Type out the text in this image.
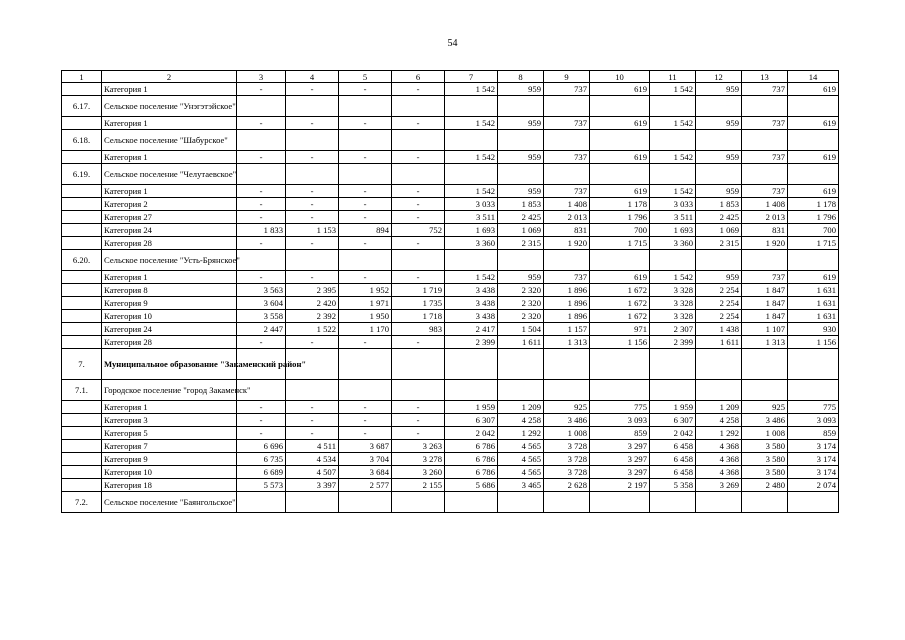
54
1	2	3	4	5	6	7	8	9	10	11	12	13	14
	Категория 1	-	-	-	-	1 542	959	737	619	1 542	959	737	619
6.17.	Сельское поселение "Унэгэтэйское"												
	Категория 1	-	-	-	-	1 542	959	737	619	1 542	959	737	619
6.18.	Сельское поселение "Шабурское"												
	Категория 1	-	-	-	-	1 542	959	737	619	1 542	959	737	619
6.19.	Сельское поселение "Челутаевское"												
	Категория 1	-	-	-	-	1 542	959	737	619	1 542	959	737	619
	Категория 2	-	-	-	-	3 033	1 853	1 408	1 178	3 033	1 853	1 408	1 178
	Категория 27	-	-	-	-	3 511	2 425	2 013	1 796	3 511	2 425	2 013	1 796
	Категория 24	1 833	1 153	894	752	1 693	1 069	831	700	1 693	1 069	831	700
	Категория 28	-	-	-	-	3 360	2 315	1 920	1 715	3 360	2 315	1 920	1 715
6.20.	Сельское поселение "Усть-Брянское"												
	Категория 1	-	-	-	-	1 542	959	737	619	1 542	959	737	619
	Категория 8	3 563	2 395	1 952	1 719	3 438	2 320	1 896	1 672	3 328	2 254	1 847	1 631
	Категория 9	3 604	2 420	1 971	1 735	3 438	2 320	1 896	1 672	3 328	2 254	1 847	1 631
	Категория 10	3 558	2 392	1 950	1 718	3 438	2 320	1 896	1 672	3 328	2 254	1 847	1 631
	Категория 24	2 447	1 522	1 170	983	2 417	1 504	1 157	971	2 307	1 438	1 107	930
	Категория 28	-	-	-	-	2 399	1 611	1 313	1 156	2 399	1 611	1 313	1 156
7.	Муниципальное образование "Закаменский район"												
7.1.	Городское поселение "город Закаменск"												
	Категория 1	-	-	-	-	1 959	1 209	925	775	1 959	1 209	925	775
	Категория 3	-	-	-	-	6 307	4 258	3 486	3 093	6 307	4 258	3 486	3 093
	Категория 5	-	-	-	-	2 042	1 292	1 008	859	2 042	1 292	1 008	859
	Категория 7	6 696	4 511	3 687	3 263	6 786	4 565	3 728	3 297	6 458	4 368	3 580	3 174
	Категория 9	6 735	4 534	3 704	3 278	6 786	4 565	3 728	3 297	6 458	4 368	3 580	3 174
	Категория 10	6 689	4 507	3 684	3 260	6 786	4 565	3 728	3 297	6 458	4 368	3 580	3 174
	Категория 18	5 573	3 397	2 577	2 155	5 686	3 465	2 628	2 197	5 358	3 269	2 480	2 074
7.2.	Сельское поселение "Баянгольское"												
